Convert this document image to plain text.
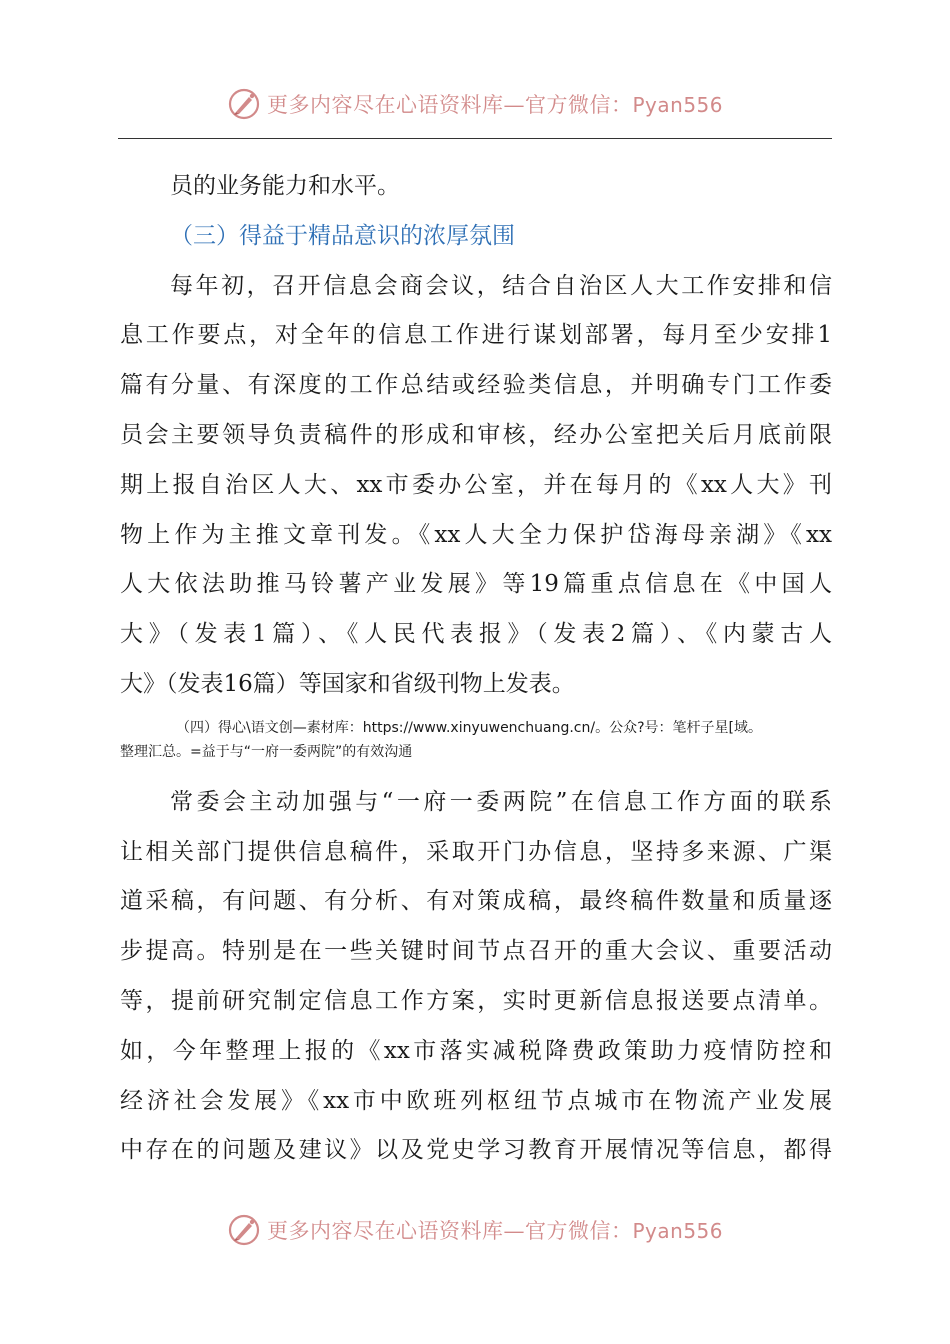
更多内容尽在心语资料库—官方微信：Pyan556
员的业务能力和水平。
（三）得益于精品意识的浓厚氛围
每年初，召开信息会商会议，结合自治区人大工作安排和信
息工作要点，对全年的信息工作进行谋划部署，每月至少安排1
篇有分量、有深度的工作总结或经验类信息，并明确专门工作委
员会主要领导负责稿件的形成和审核，经办公室把关后月底前限
期上报自治区人大、xx市委办公室，并在每月的《xx人大》刊
物上作为主推文章刊发。《xx人大全力保护岱海母亲湖》《xx
人大依法助推马铃薯产业发展》等19篇重点信息在《中国人
大》（发表1篇）、《人民代表报》（发表2篇）、《内蒙古人
大》（发表16篇）等国家和省级刊物上发表。
（四）得心\语文创—素材库：https://www.xinyuwenchuang.cn/。公众?号：笔杆子星[域。
整理汇总。=益于与“一府一委两院”的有效沟通
常委会主动加强与“一府一委两院”在信息工作方面的联系
让相关部门提供信息稿件，采取开门办信息，坚持多来源、广渠
道采稿，有问题、有分析、有对策成稿，最终稿件数量和质量逐
步提高。特别是在一些关键时间节点召开的重大会议、重要活动
等，提前研究制定信息工作方案，实时更新信息报送要点清单。
如，今年整理上报的《xx市落实减税降费政策助力疫情防控和
经济社会发展》《xx市中欧班列枢纽节点城市在物流产业发展
中存在的问题及建议》以及党史学习教育开展情况等信息，都得
更多内容尽在心语资料库—官方微信：Pyan556
